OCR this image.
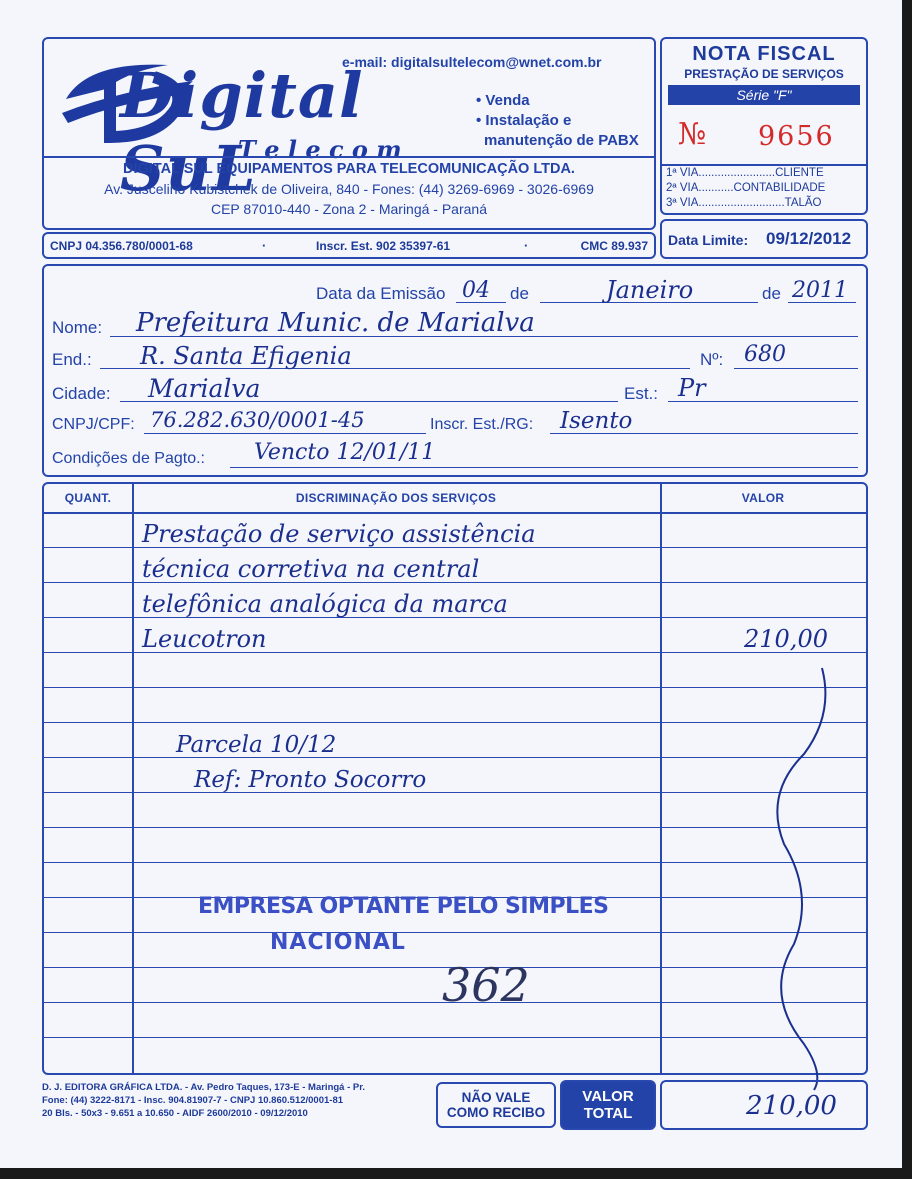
Digital SuL
T e l e c o m
e-mail: digitalsultelecom@wnet.com.br
• Venda
• Instalação e
manutenção de PABX
DIGITAL SUL EQUIPAMENTOS PARA TELECOMUNICAÇÃO LTDA.
Av. Juscelino Kubistchek de Oliveira, 840 - Fones: (44) 3269-6969 - 3026-6969
CEP 87010-440 - Zona 2 - Maringá - Paraná
CNPJ 04.356.780/0001-68	·	Inscr. Est. 902 35397-61	·	CMC 89.937
NOTA FISCAL
PRESTAÇÃO DE SERVIÇOS
Série "F"
№ 9656
1ª VIA........................CLIENTE
2ª VIA...........CONTABILIDADE
3ª VIA...........................TALÃO
Data Limite: 09/12/2012
Data da Emissão 04 de	Janeiro	de 2011
Nome: Prefeitura Munic. de Marialva
End.: R. Santa Efigenia	Nº: 680
Cidade: Marialva	Est.: Pr
CNPJ/CPF: 76.282.630/0001-45	Inscr. Est./RG: Isento
Condições de Pagto.: Vencto 12/01/11
QUANT.	DISCRIMINAÇÃO DOS SERVIÇOS	VALOR
Prestação de serviço assistência
técnica corretiva na central
telefônica analógica da marca
Leucotron	210,00
Parcela 10/12
Ref: Pronto Socorro
EMPRESA OPTANTE PELO SIMPLES
NACIONAL
362
D. J. EDITORA GRÁFICA LTDA. - Av. Pedro Taques, 173-E - Maringá - Pr.
Fone: (44) 3222-8171 - Insc. 904.81907-7 - CNPJ 10.860.512/0001-81
20 Bls. - 50x3 - 9.651 a 10.650 - AIDF 2600/2010 - 09/12/2010
NÃO VALE
COMO RECIBO
VALOR
TOTAL	210,00
